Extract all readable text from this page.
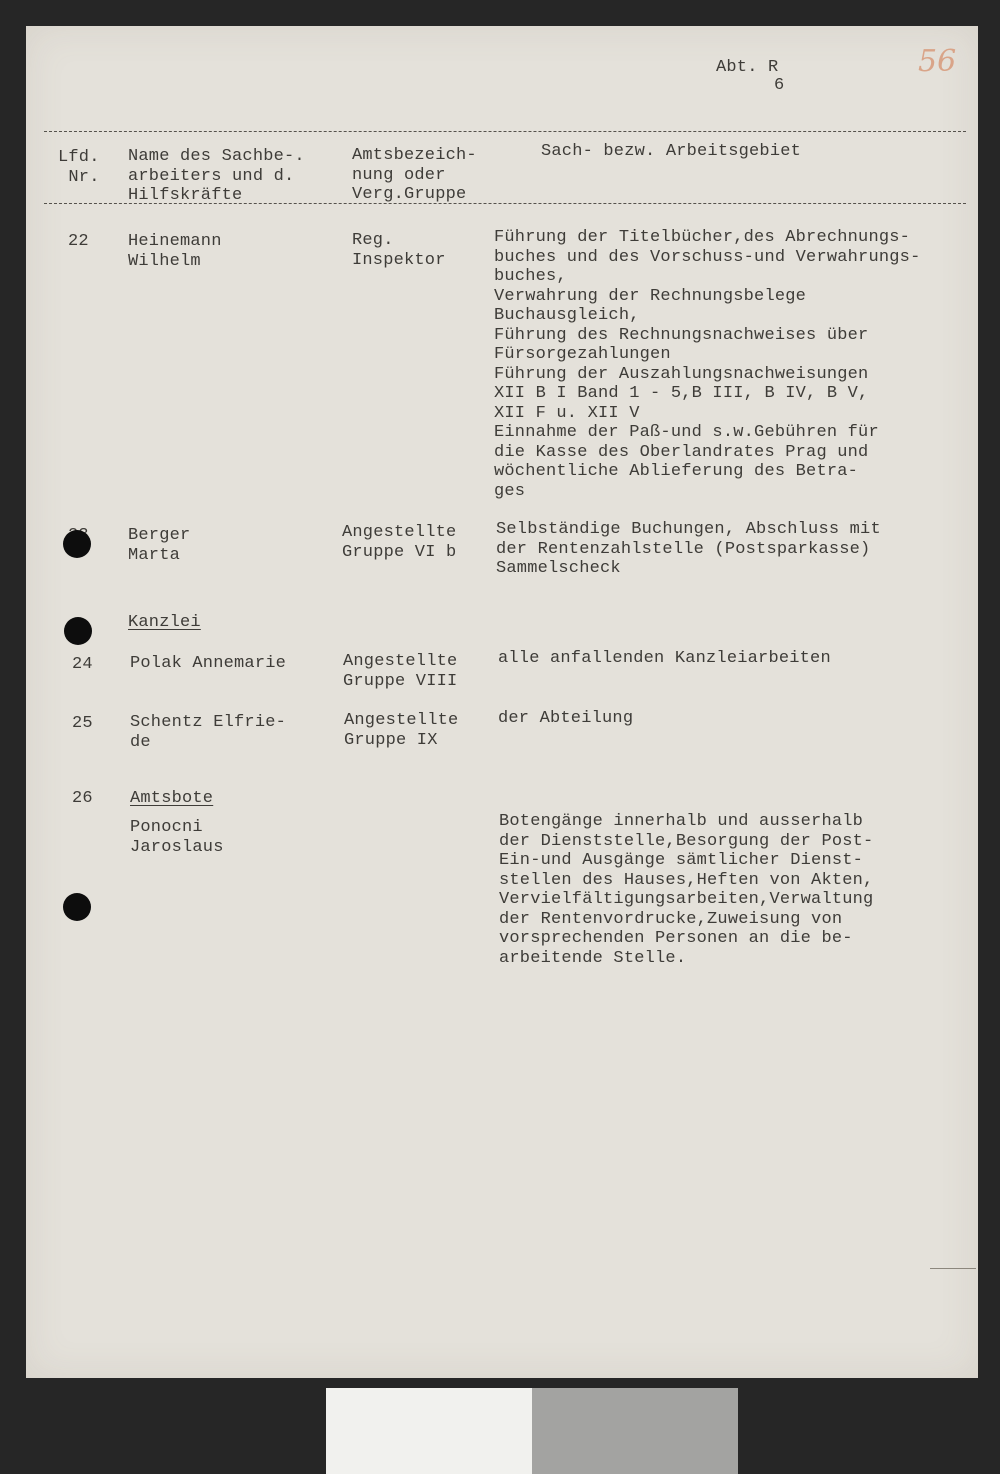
Abt. R
6
56
Lfd.
Nr.
Name des Sachbe-.
arbeiters und d.
Hilfskräfte
Amtsbezeich-
nung oder
Verg.Gruppe
Sach- bezw. Arbeitsgebiet
22 Heinemann
Wilhelm
Reg.
Inspektor
Führung der Titelbücher,des Abrechnungs-
buches und des Vorschuss-und Verwahrungs-
buches,
Verwahrung der Rechnungsbelege
Buchausgleich,
Führung des Rechnungsnachweises über
Fürsorgezahlungen
Führung der Auszahlungsnachweisungen
XII B I Band 1 - 5,B III, B IV, B V,
XII F u. XII V
Einnahme der Paß-und s.w.Gebühren für
die Kasse des Oberlandrates Prag und
wöchentliche Ablieferung des Betra-
ges
Berger
Marta
Angestellte
Gruppe VI b
Selbständige Buchungen, Abschluss mit
der Rentenzahlstelle (Postsparkasse)
Sammelscheck
Kanzlei
24 Polak Annemarie	Angestellte
Gruppe VIII
alle anfallenden Kanzleiarbeiten
25 Schentz Elfrie-
de
Angestellte
Gruppe IX
der Abteilung
26 Amtsbote
Ponocni
Jaroslaus
Botengänge innerhalb und ausserhalb
der Dienststelle,Besorgung der Post-
Ein-und Ausgänge sämtlicher Dienst-
stellen des Hauses,Heften von Akten,
Vervielfältigungsarbeiten,Verwaltung
der Rentenvordrucke,Zuweisung von
vorsprechenden Personen an die be-
arbeitende Stelle.
